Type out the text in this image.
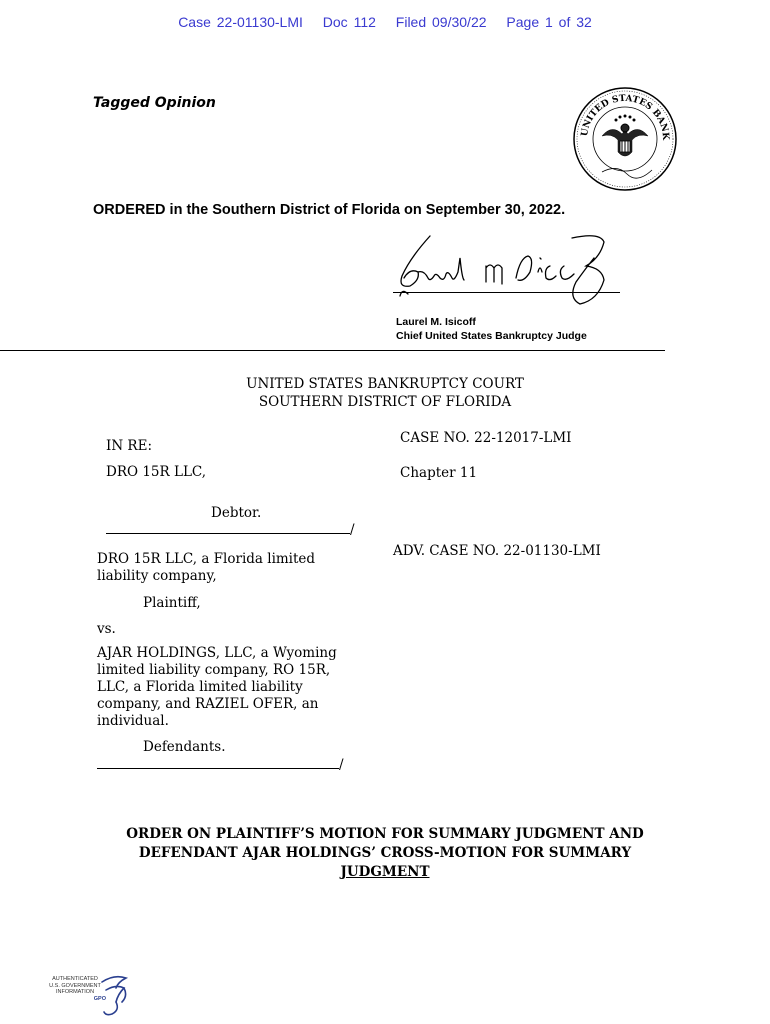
Case 22-01130-LMI Doc 112 Filed 09/30/22 Page 1 of 32
Tagged Opinion
UNITED STATES BANK
ORDERED in the Southern District of Florida on September 30, 2022.
Laurel M. Isicoff
Chief United States Bankruptcy Judge
UNITED STATES BANKRUPTCY COURT
SOUTHERN DISTRICT OF FLORIDA
IN RE:
DRO 15R LLC,
Debtor.
/
DRO 15R LLC, a Florida limited
liability company,
Plaintiff,
vs.
AJAR HOLDINGS, LLC, a Wyoming
limited liability company, RO 15R,
LLC, a Florida limited liability
company, and RAZIEL OFER, an
individual.
Defendants.
/
CASE NO. 22-12017-LMI
Chapter 11
ADV. CASE NO. 22-01130-LMI
ORDER ON PLAINTIFF’S MOTION FOR SUMMARY JUDGMENT AND
DEFENDANT AJAR HOLDINGS’ CROSS-MOTION FOR SUMMARY
JUDGMENT
AUTHENTICATED
U.S. GOVERNMENT
INFORMATION
GPO
